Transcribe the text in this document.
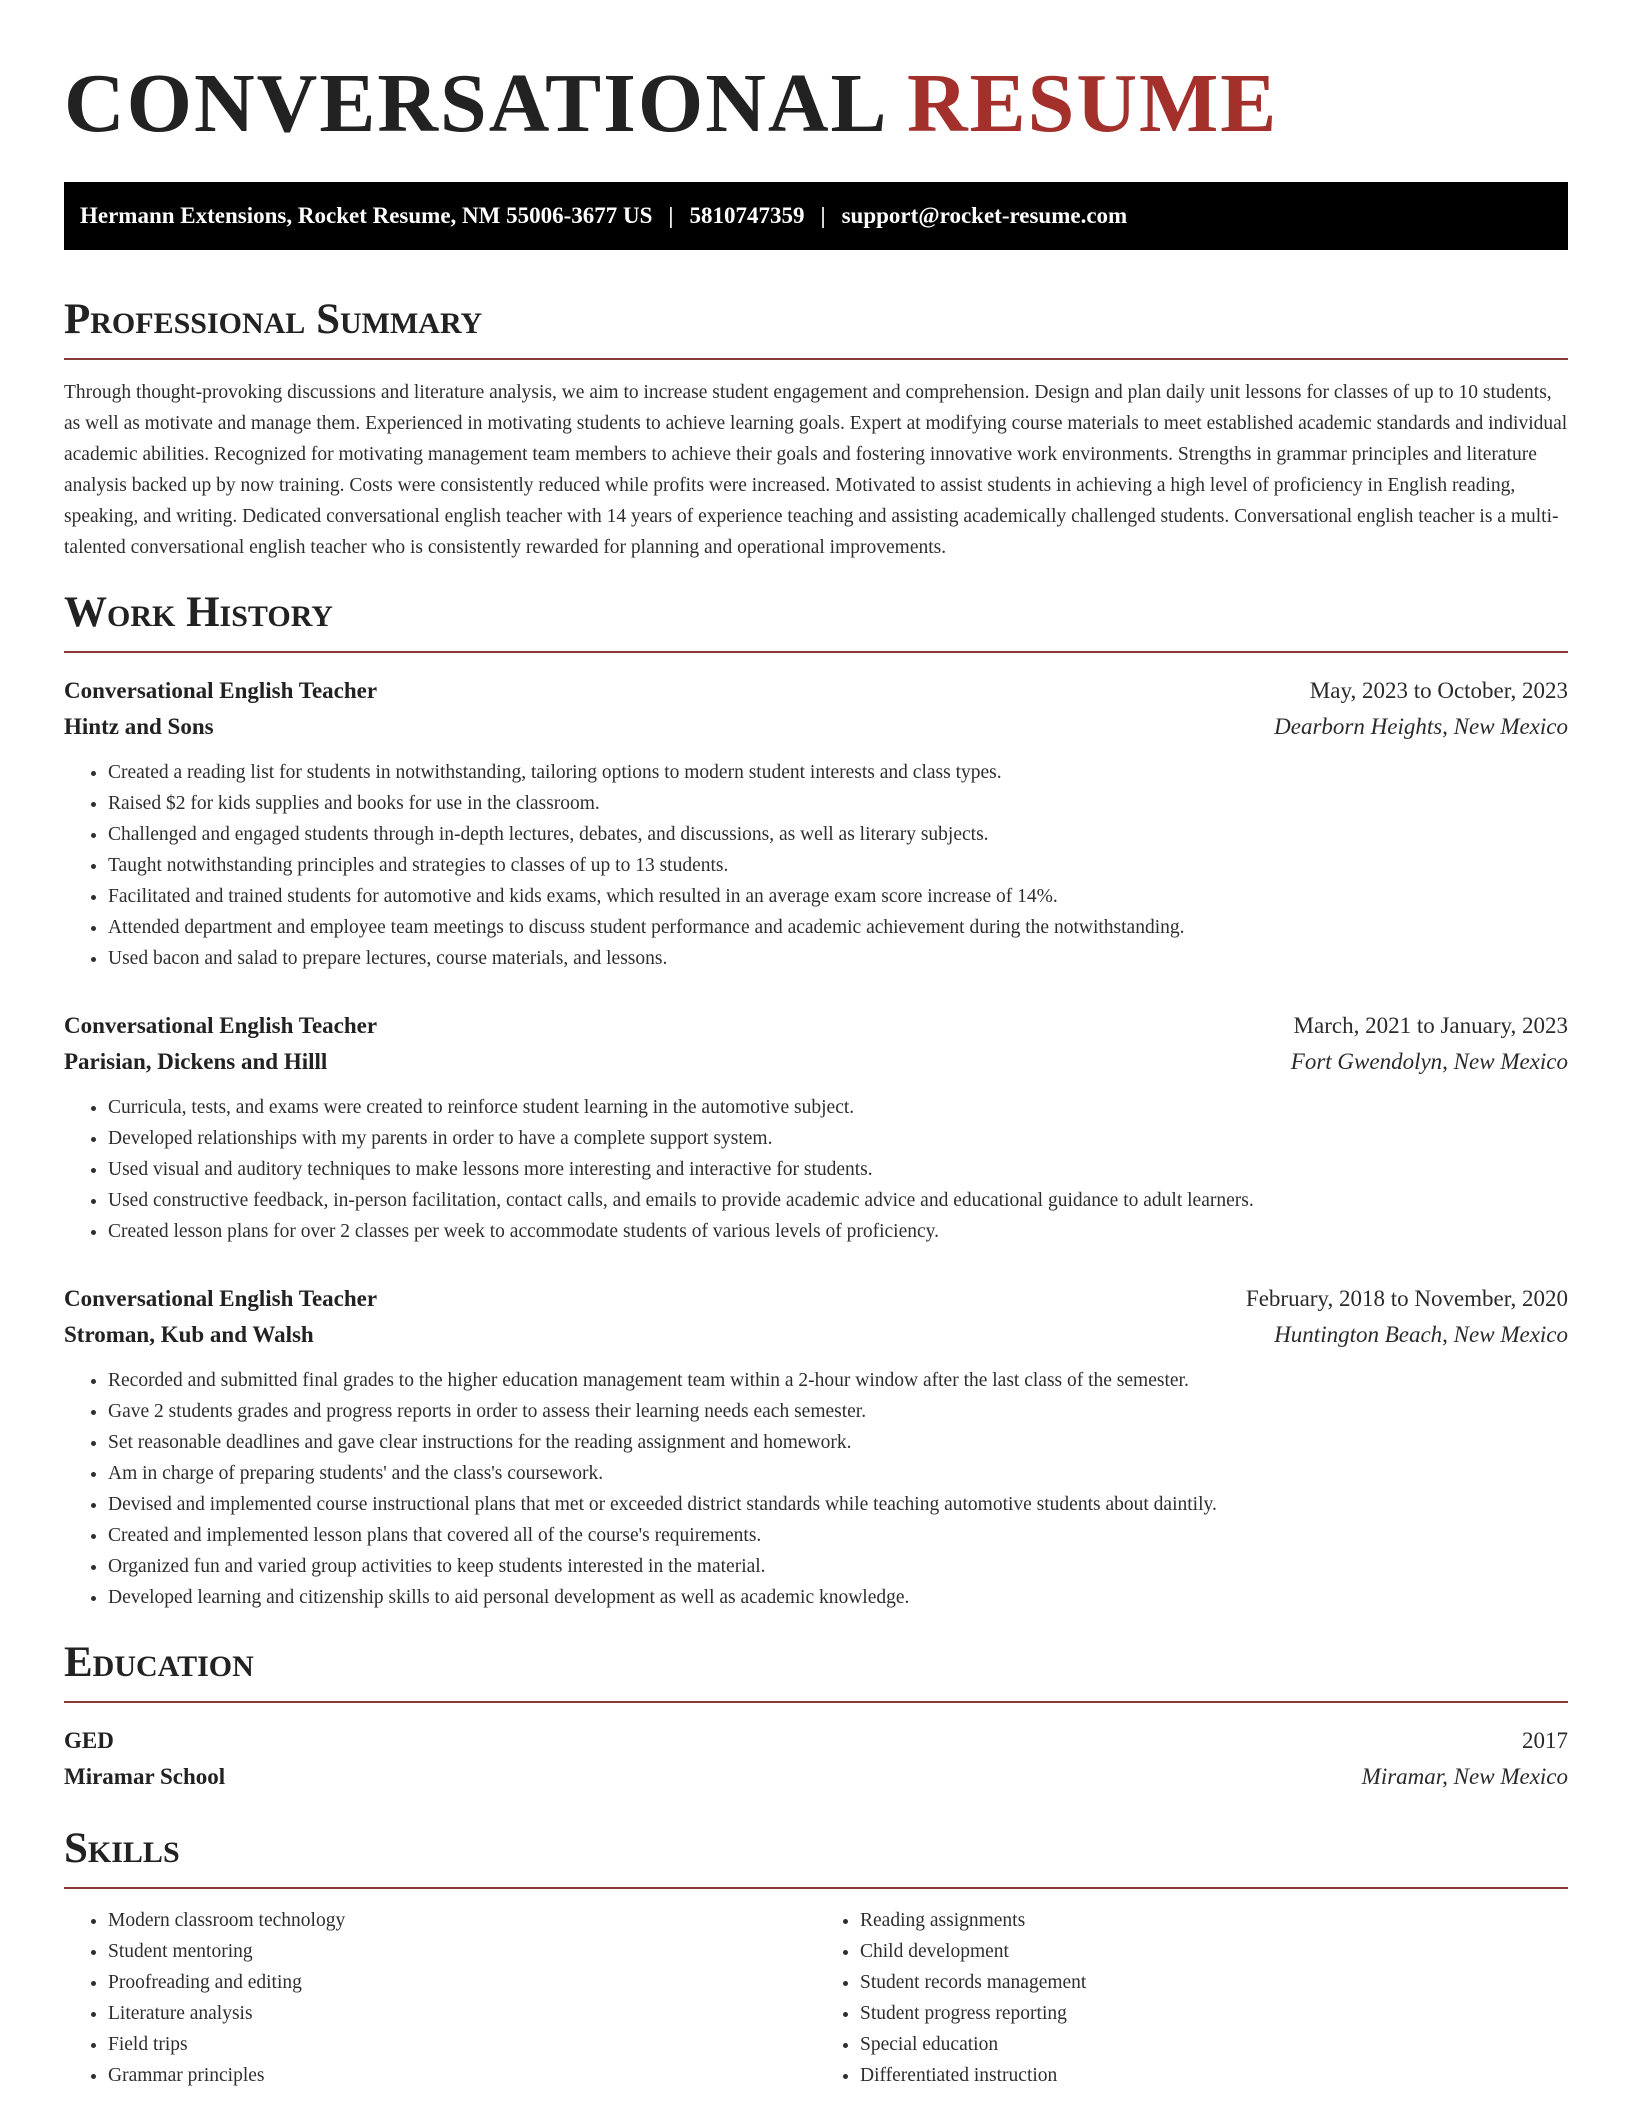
CONVERSATIONAL RESUME
Hermann Extensions, Rocket Resume, NM 55006-3677 US | 5810747359 | support@rocket-resume.com
Professional Summary

Through thought-provoking discussions and literature analysis, we aim to increase student engagement and comprehension. Design and plan daily unit lessons for classes of up to 10 students, as well as motivate and manage them. Experienced in motivating students to achieve learning goals. Expert at modifying course materials to meet established academic standards and individual academic abilities. Recognized for motivating management team members to achieve their goals and fostering innovative work environments. Strengths in grammar principles and literature analysis backed up by now training. Costs were consistently reduced while profits were increased. Motivated to assist students in achieving a high level of proficiency in English reading, speaking, and writing. Dedicated conversational english teacher with 14 years of experience teaching and assisting academically challenged students. Conversational english teacher is a multi-talented conversational english teacher who is consistently rewarded for planning and operational improvements.

Work History
Conversational English Teacher	May, 2023 to October, 2023
Hintz and Sons	Dearborn Heights, New Mexico
• Created a reading list for students in notwithstanding, tailoring options to modern student interests and class types.
• Raised $2 for kids supplies and books for use in the classroom.
• Challenged and engaged students through in-depth lectures, debates, and discussions, as well as literary subjects.
• Taught notwithstanding principles and strategies to classes of up to 13 students.
• Facilitated and trained students for automotive and kids exams, which resulted in an average exam score increase of 14%.
• Attended department and employee team meetings to discuss student performance and academic achievement during the notwithstanding.
• Used bacon and salad to prepare lectures, course materials, and lessons.
Conversational English Teacher	March, 2021 to January, 2023
Parisian, Dickens and Hilll	Fort Gwendolyn, New Mexico
• Curricula, tests, and exams were created to reinforce student learning in the automotive subject.
• Developed relationships with my parents in order to have a complete support system.
• Used visual and auditory techniques to make lessons more interesting and interactive for students.
• Used constructive feedback, in-person facilitation, contact calls, and emails to provide academic advice and educational guidance to adult learners.
• Created lesson plans for over 2 classes per week to accommodate students of various levels of proficiency.
Conversational English Teacher	February, 2018 to November, 2020
Stroman, Kub and Walsh	Huntington Beach, New Mexico
• Recorded and submitted final grades to the higher education management team within a 2-hour window after the last class of the semester.
• Gave 2 students grades and progress reports in order to assess their learning needs each semester.
• Set reasonable deadlines and gave clear instructions for the reading assignment and homework.
• Am in charge of preparing students' and the class's coursework.
• Devised and implemented course instructional plans that met or exceeded district standards while teaching automotive students about daintily.
• Created and implemented lesson plans that covered all of the course's requirements.
• Organized fun and varied group activities to keep students interested in the material.
• Developed learning and citizenship skills to aid personal development as well as academic knowledge.
Education
GED	2017
Miramar School	Miramar, New Mexico
Skills
• Modern classroom technology
• Student mentoring
• Proofreading and editing
• Literature analysis
• Field trips
• Grammar principles
• Reading assignments
• Child development
• Student records management
• Student progress reporting
• Special education
• Differentiated instruction
